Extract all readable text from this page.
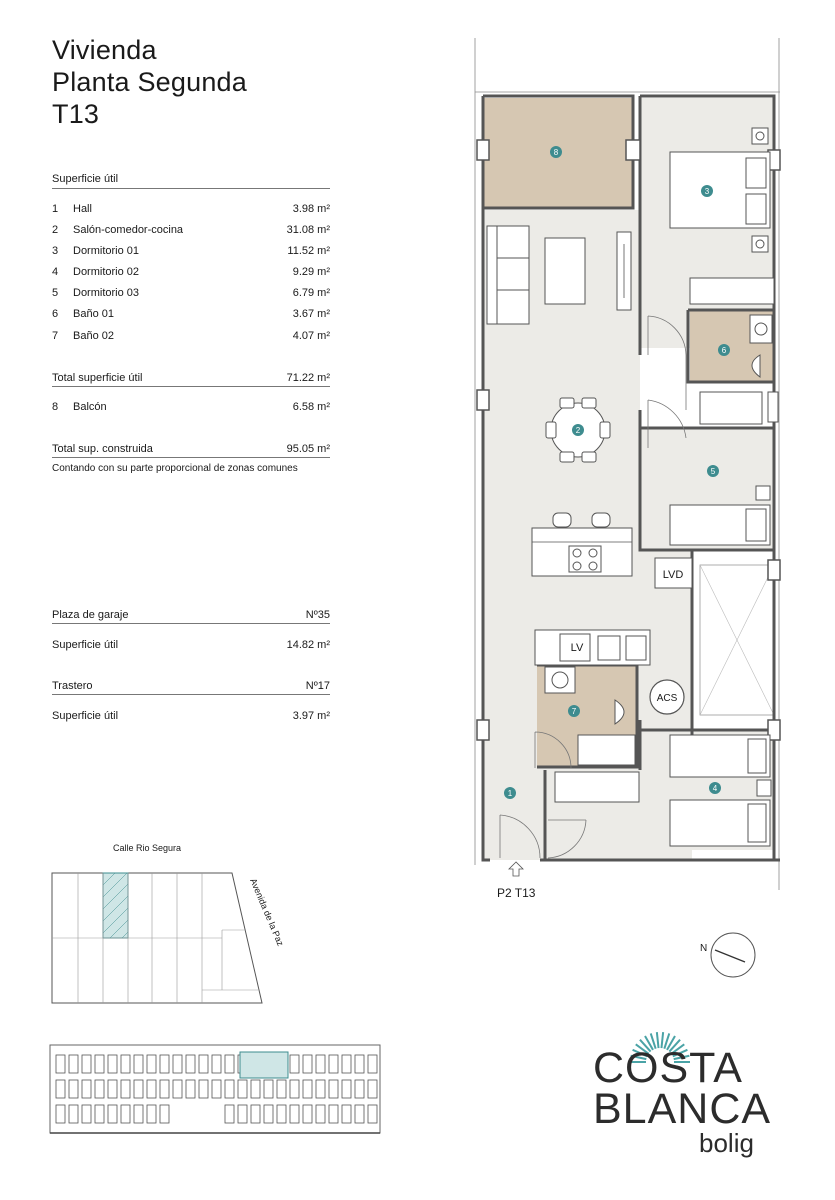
Vivienda
Planta Segunda
T13
Superficie útil
1 Hall	3.98 m²
2 Salón-comedor-cocina	31.08 m²
3 Dormitorio 01	11.52 m²
4 Dormitorio 02	9.29 m²
5 Dormitorio 03	6.79 m²
6 Baño 01	3.67 m²
7 Baño 02	4.07 m²
Total superficie útil	71.22 m²
8 Balcón	6.58 m²
Total sup. construida	95.05 m²
Contando con su parte proporcional de zonas comunes
Plaza de garaje	Nº35
Superficie útil	14.82 m²
Trastero	Nº17
Superficie útil	3.97 m²
LVD
LV
ACS
1
2
3
4
5
6
7
8
P2 T13
Calle Rio Segura
Avenida de la Paz
N
COSTA
BLANCA
bolig
